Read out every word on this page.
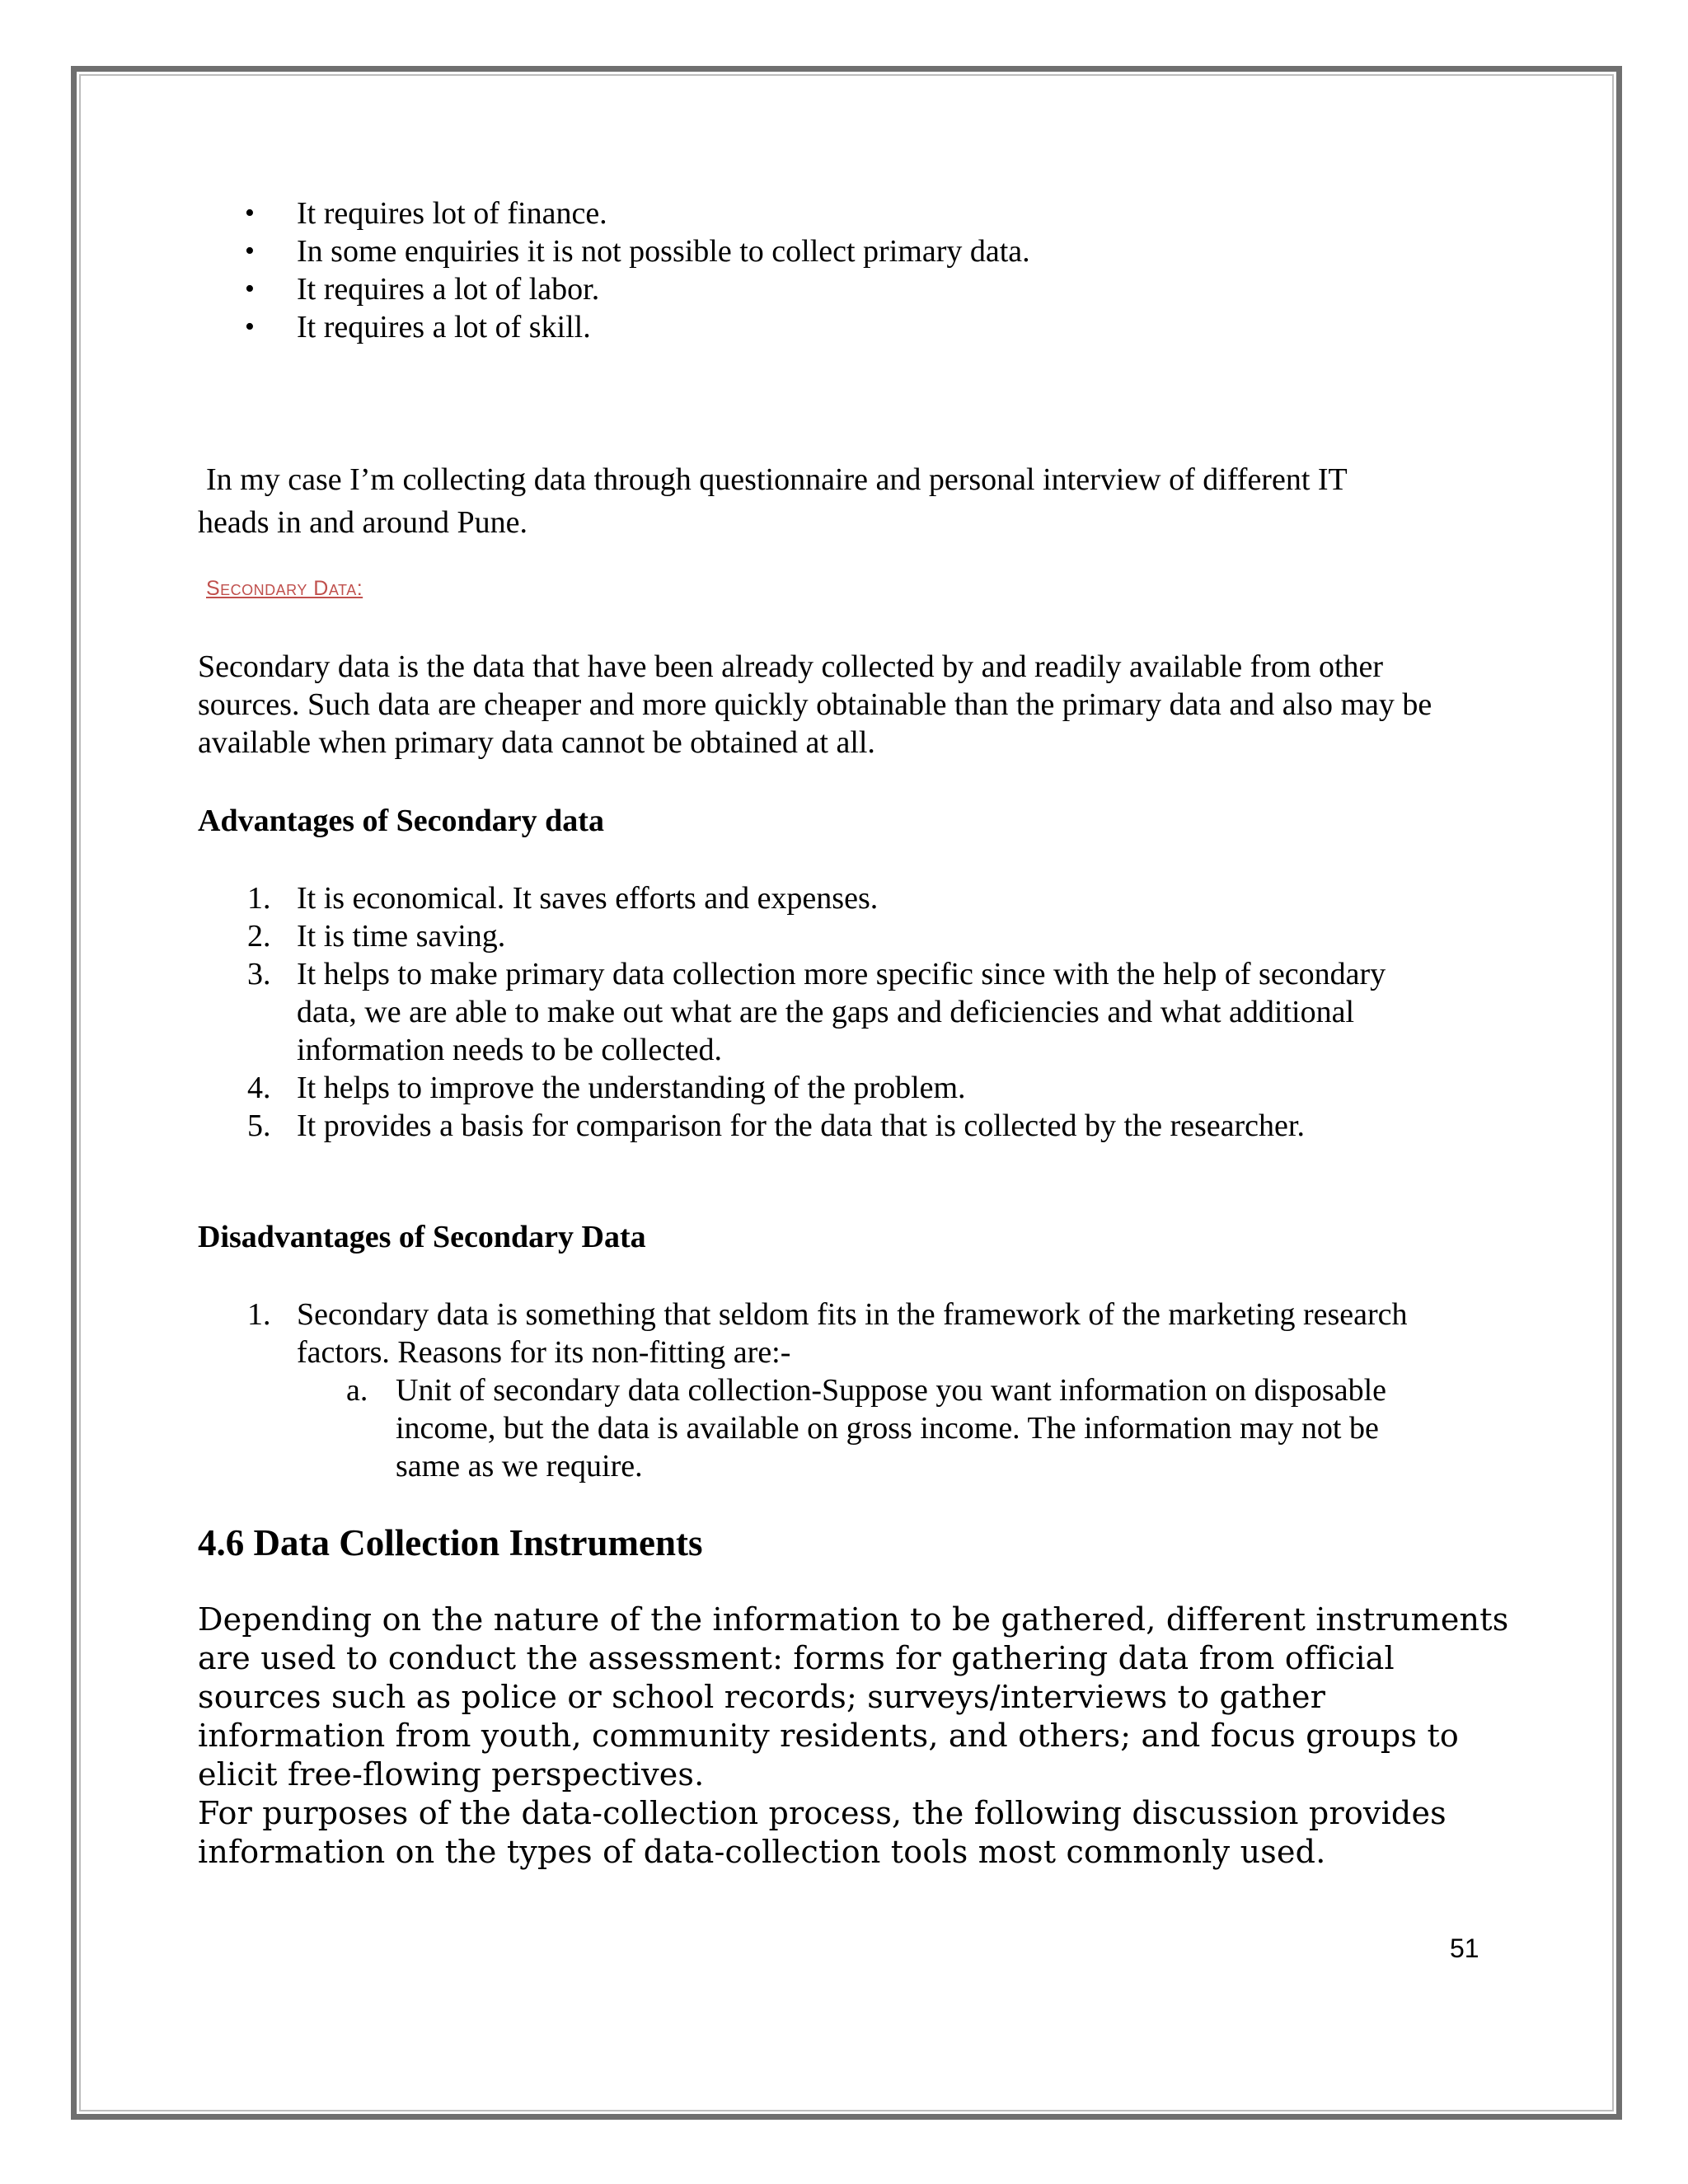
• It requires lot of finance.
• In some enquiries it is not possible to collect primary data.
• It requires a lot of labor.
• It requires a lot of skill.

In my case I’m collecting data through questionnaire and personal interview of different IT heads in and around Pune.

Secondary Data:

Secondary data is the data that have been already collected by and readily available from other sources. Such data are cheaper and more quickly obtainable than the primary data and also may be available when primary data cannot be obtained at all.

Advantages of Secondary data

1. It is economical. It saves efforts and expenses.
2. It is time saving.
3. It helps to make primary data collection more specific since with the help of secondary data, we are able to make out what are the gaps and deficiencies and what additional information needs to be collected.
4. It helps to improve the understanding of the problem.
5. It provides a basis for comparison for the data that is collected by the researcher.

Disadvantages of Secondary Data

1. Secondary data is something that seldom fits in the framework of the marketing research factors. Reasons for its non-fitting are:-
a. Unit of secondary data collection-Suppose you want information on disposable income, but the data is available on gross income. The information may not be same as we require.
4.6 Data Collection Instruments

Depending on the nature of the information to be gathered, different instruments are used to conduct the assessment: forms for gathering data from official sources such as police or school records; surveys/interviews to gather information from youth, community residents, and others; and focus groups to elicit free-flowing perspectives.

For purposes of the data-collection process, the following discussion provides information on the types of data-collection tools most commonly used.

51
